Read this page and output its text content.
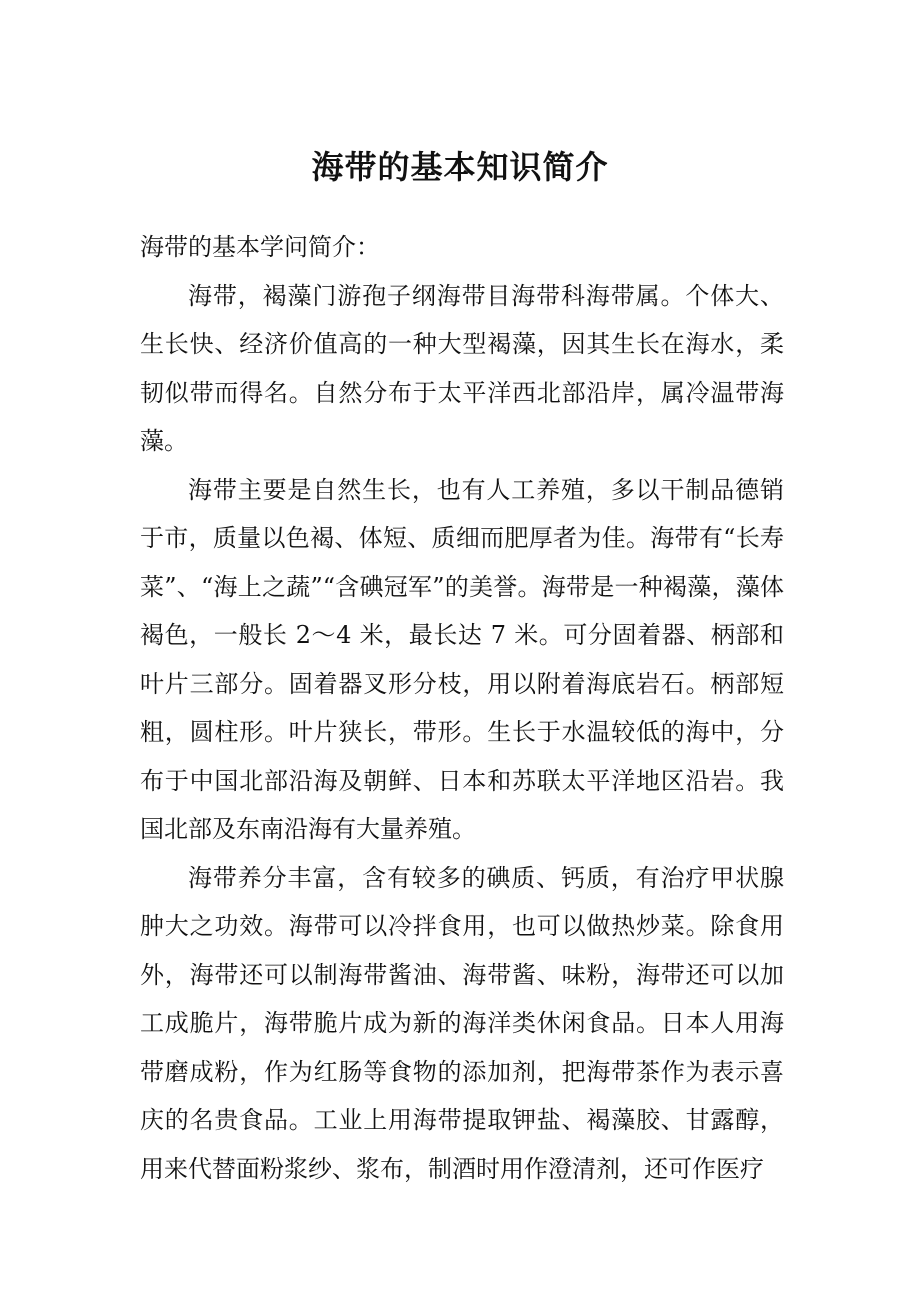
海带的基本知识简介

海带的基本学问简介：

海带，褐藻门游孢子纲海带目海带科海带属。个体大、生长快、经济价值高的一种大型褐藻，因其生长在海水，柔韧似带而得名。自然分布于太平洋西北部沿岸，属冷温带海藻。

海带主要是自然生长，也有人工养殖，多以干制品德销于市，质量以色褐、体短、质细而肥厚者为佳。海带有“长寿菜”、“海上之蔬”“含碘冠军”的美誉。海带是一种褐藻，藻体褐色，一般长 2～4 米，最长达 7 米。可分固着器、柄部和叶片三部分。固着器叉形分枝，用以附着海底岩石。柄部短粗，圆柱形。叶片狭长，带形。生长于水温较低的海中，分布于中国北部沿海及朝鲜、日本和苏联太平洋地区沿岩。我国北部及东南沿海有大量养殖。

海带养分丰富，含有较多的碘质、钙质，有治疗甲状腺肿大之功效。海带可以冷拌食用，也可以做热炒菜。除食用外，海带还可以制海带酱油、海带酱、味粉，海带还可以加工成脆片，海带脆片成为新的海洋类休闲食品。日本人用海带磨成粉，作为红肠等食物的添加剂，把海带茶作为表示喜庆的名贵食品。工业上用海带提取钾盐、褐藻胶、甘露醇，用来代替面粉浆纱、浆布，制酒时用作澄清剂，还可作医疗
